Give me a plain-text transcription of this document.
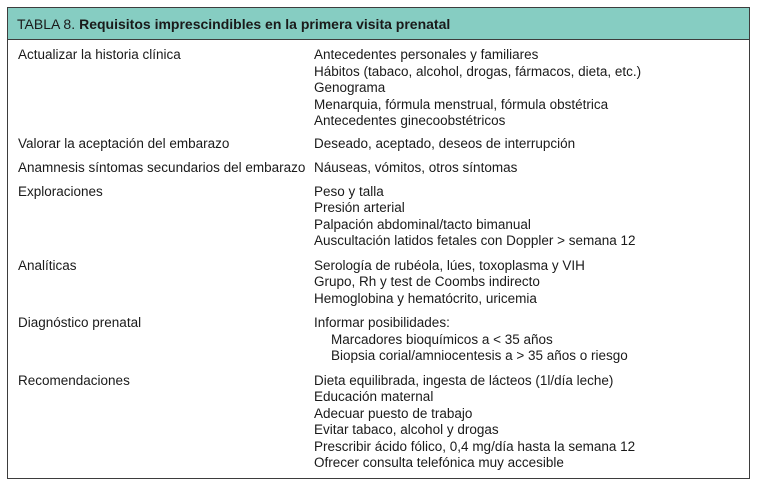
TABLA 8. Requisitos imprescindibles en la primera visita prenatal
Actualizar la historia clínica	Antecedentes personales y familiares
Hábitos (tabaco, alcohol, drogas, fármacos, dieta, etc.)
Genograma
Menarquia, fórmula menstrual, fórmula obstétrica
Antecedentes ginecoobstétricos
Valorar la aceptación del embarazo	Deseado, aceptado, deseos de interrupción
Anamnesis síntomas secundarios del embarazo Náuseas, vómitos, otros síntomas
Exploraciones	Peso y talla
Presión arterial
Palpación abdominal/tacto bimanual
Auscultación latidos fetales con Doppler > semana 12
Analíticas	Serología de rubéola, lúes, toxoplasma y VIH
Grupo, Rh y test de Coombs indirecto
Hemoglobina y hematócrito, uricemia
Diagnóstico prenatal	Informar posibilidades:
Marcadores bioquímicos a < 35 años
Biopsia corial/amniocentesis a > 35 años o riesgo
Recomendaciones	Dieta equilibrada, ingesta de lácteos (1l/día leche)
Educación maternal
Adecuar puesto de trabajo
Evitar tabaco, alcohol y drogas
Prescribir ácido fólico, 0,4 mg/día hasta la semana 12
Ofrecer consulta telefónica muy accesible
